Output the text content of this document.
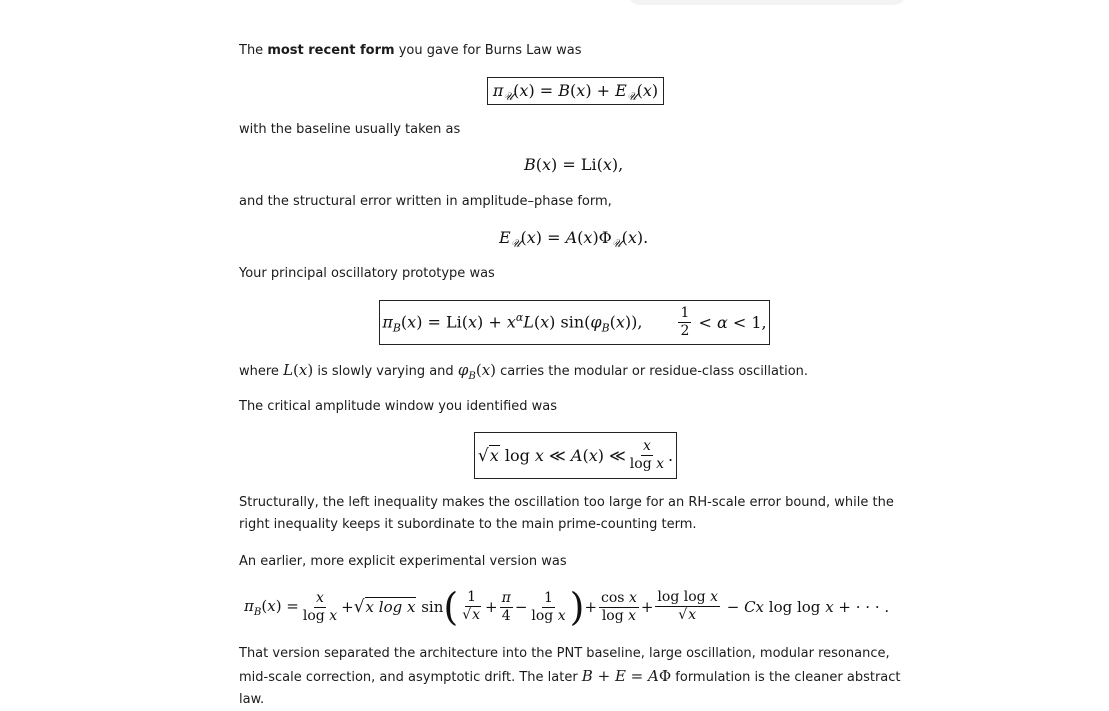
The most recent form you gave for Burns Law was
$\pi_𝒰(x) = B(x) + E_𝒰(x)$
with the baseline usually taken as
B(x) = Li(x),
and the structural error written in amplitude–phase form,
$E_𝒰(x) = A(x)\Phi_𝒰(x)$.
Your principal oscillatory prototype was
$\pi_B(x) = Li(x) + x^\alpha L(x)$ $\sin(\varphi_B(x))$,	$\frac{1}{2} < \alpha < 1$,
where L(x) is slowly varying and $\varphi_B(x)$ carries the modular or residue-class oscillation.
The critical amplitude window you identified was
√x log x ≪ A(x) ≪ $\frac{x}{\text{log x}}$ .
Structurally, the left inequality makes the oscillation too large for an RH-scale error bound, while the right inequality keeps it subordinate to the main prime-counting term.
An earlier, more explicit experimental version was
$\pi_B(x) = \frac{x}{\text{log x}} + √x$ log x sin ( $\frac{1}{√x} + \frac{\pi}{4} - \frac{1}{\text{log x}}$ ) + $\frac{\text{cos x}}{\text{log x}} + \frac{\text{log log x}}{√x} - Cx$ log log x + · · · .
That version separated the architecture into the PNT baseline, large oscillation, modular resonance, mid-scale correction, and asymptotic drift. The later B + E = AΦ formulation is the cleaner abstract law.
